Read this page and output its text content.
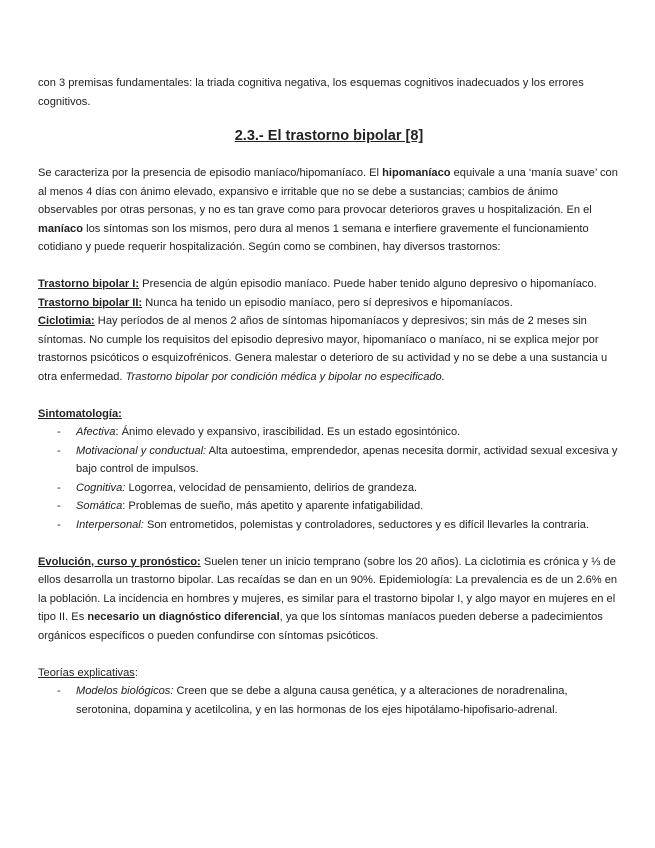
con 3 premisas fundamentales: la triada cognitiva negativa, los esquemas cognitivos inadecuados y los errores cognitivos.

2.3.- El trastorno bipolar [8]

Se caracteriza por la presencia de episodio maníaco/hipomaníaco. El hipomaníaco equivale a una ‘manía suave’ con al menos 4 días con ánimo elevado, expansivo e irritable que no se debe a sustancias; cambios de ánimo observables por otras personas, y no es tan grave como para provocar deterioros graves u hospitalización. En el maníaco los síntomas son los mismos, pero dura al menos 1 semana e interfiere gravemente el funcionamiento cotidiano y puede requerir hospitalización. Según como se combinen, hay diversos trastornos:

Trastorno bipolar I: Presencia de algún episodio maníaco. Puede haber tenido alguno depresivo o hipomaníaco.

Trastorno bipolar II: Nunca ha tenido un episodio maníaco, pero sí depresivos e hipomaníacos.

Ciclotimia: Hay períodos de al menos 2 años de síntomas hipomaníacos y depresivos; sin más de 2 meses sin síntomas. No cumple los requisitos del episodio depresivo mayor, hipomaníaco o maníaco, ni se explica mejor por trastornos psicóticos o esquizofrénicos. Genera malestar o deterioro de su actividad y no se debe a una sustancia u otra enfermedad. Trastorno bipolar por condición médica y bipolar no especificado.

Sintomatología:

- Afectiva: Ánimo elevado y expansivo, irascibilidad. Es un estado egosintónico.
- Motivacional y conductual: Alta autoestima, emprendedor, apenas necesita dormir, actividad sexual excesiva y bajo control de impulsos.
- Cognitiva: Logorrea, velocidad de pensamiento, delirios de grandeza.
- Somática: Problemas de sueño, más apetito y aparente infatigabilidad.
- Interpersonal: Son entrometidos, polemistas y controladores, seductores y es difícil llevarles la contraria.

Evolución, curso y pronóstico: Suelen tener un inicio temprano (sobre los 20 años). La ciclotimia es crónica y ⅓ de ellos desarrolla un trastorno bipolar. Las recaídas se dan en un 90%. Epidemiología: La prevalencia es de un 2.6% en la población. La incidencia en hombres y mujeres, es similar para el trastorno bipolar I, y algo mayor en mujeres en el tipo II. Es necesario un diagnóstico diferencial, ya que los síntomas maníacos pueden deberse a padecimientos orgánicos específicos o pueden confundirse con síntomas psicóticos.

Teorías explicativas:

- Modelos biológicos: Creen que se debe a alguna causa genética, y a alteraciones de noradrenalina, serotonina, dopamina y acetilcolina, y en las hormonas de los ejes hipotálamo-hipofisario-adrenal.
